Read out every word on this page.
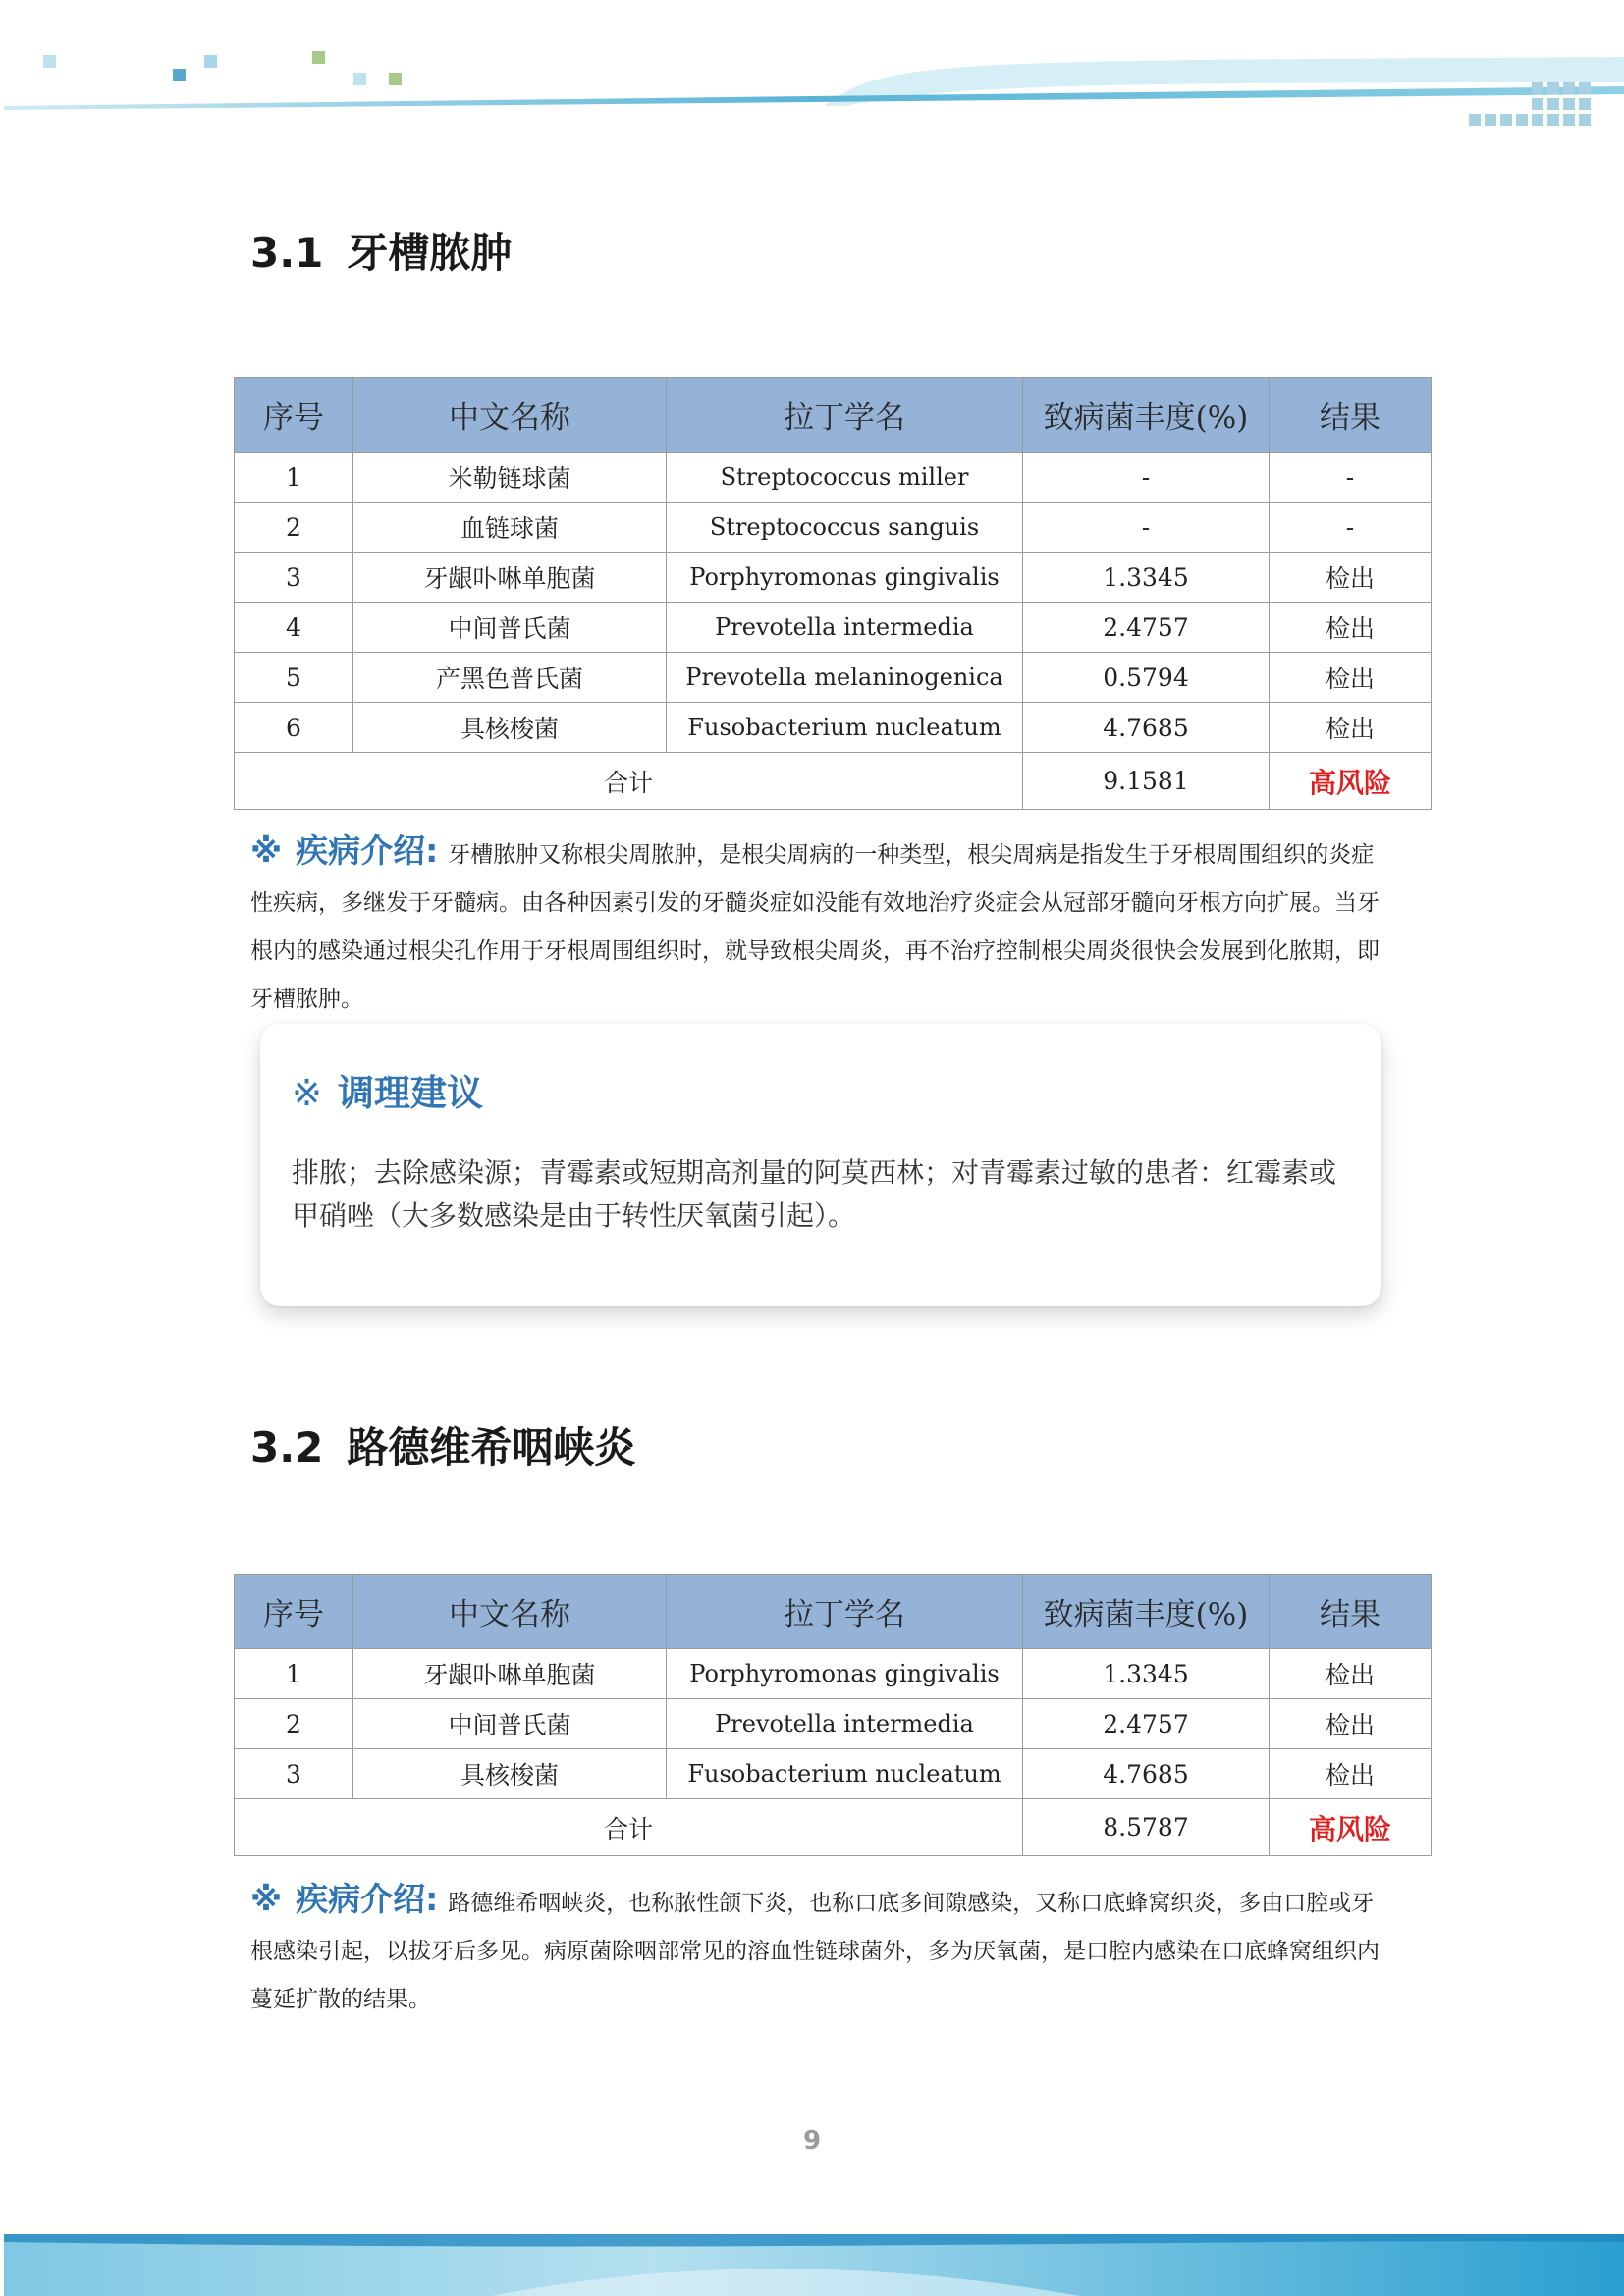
3.1 牙槽脓肿
序号	中文名称	拉丁学名	致病菌丰度(%)	结果
1	米勒链球菌	Streptococcus miller	-	-
2	血链球菌	Streptococcus sanguis	-	-
3	牙龈卟啉单胞菌	Porphyromonas gingivalis	1.3345	检出
4	中间普氏菌	Prevotella intermedia	2.4757	检出
5	产黑色普氏菌	Prevotella melaninogenica	0.5794	检出
6	具核梭菌	Fusobacterium nucleatum	4.7685	检出
合计			9.1581	高风险

※ 疾病介绍: 牙槽脓肿又称根尖周脓肿，是根尖周病的一种类型，根尖周病是指发生于牙根周围组织的炎症性疾病，多继发于牙髓病。由各种因素引发的牙髓炎症如没能有效地治疗炎症会从冠部牙髓向牙根方向扩展。当牙根内的感染通过根尖孔作用于牙根周围组织时，就导致根尖周炎，再不治疗控制根尖周炎很快会发展到化脓期，即牙槽脓肿。

※ 调理建议

排脓；去除感染源；青霉素或短期高剂量的阿莫西林；对青霉素过敏的患者：红霉素或甲硝唑（大多数感染是由于转性厌氧菌引起）。

3.2 路德维希咽峡炎
序号	中文名称	拉丁学名	致病菌丰度(%)	结果
1	牙龈卟啉单胞菌	Porphyromonas gingivalis	1.3345	检出
2	中间普氏菌	Prevotella intermedia	2.4757	检出
3	具核梭菌	Fusobacterium nucleatum	4.7685	检出
合计			8.5787	高风险

※ 疾病介绍: 路德维希咽峡炎，也称脓性颌下炎，也称口底多间隙感染，又称口底蜂窝织炎，多由口腔或牙根感染引起，以拔牙后多见。病原菌除咽部常见的溶血性链球菌外，多为厌氧菌，是口腔内感染在口底蜂窝组织内蔓延扩散的结果。

9
